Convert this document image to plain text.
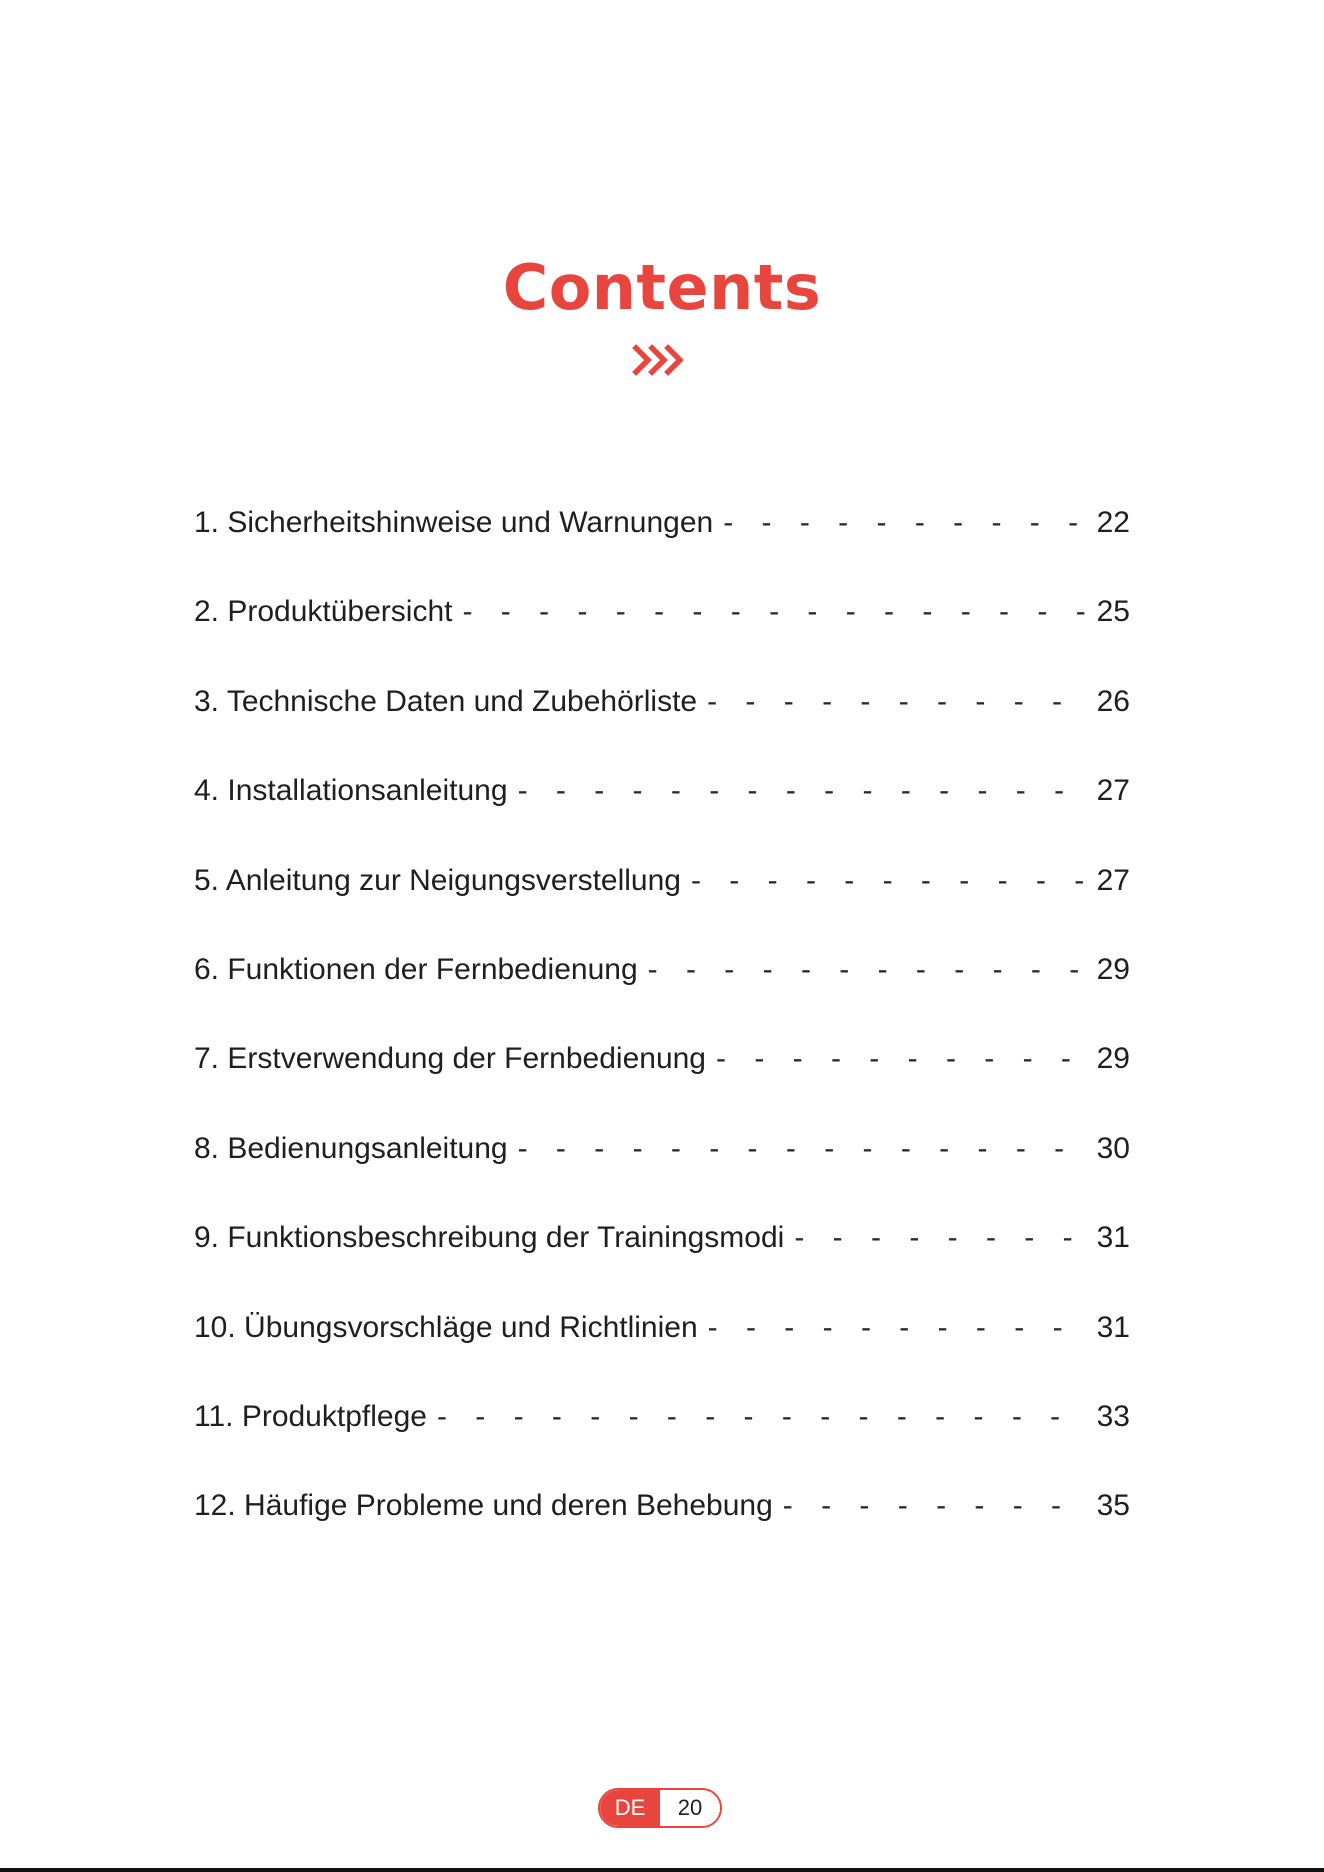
Contents
1. Sicherheitshinweise und Warnungen - - -	22
2. Produktübersicht - - -	25
3. Technische Daten und Zubehörliste - - -	26
4. Installationsanleitung - - -	27
5. Anleitung zur Neigungsverstellung - - -	27
6. Funktionen der Fernbedienung - - -	29
7. Erstverwendung der Fernbedienung - - -	29
8. Bedienungsanleitung - - -	30
9. Funktionsbeschreibung der Trainingsmodi - - -	31
10. Übungsvorschläge und Richtlinien - - -	31
11. Produktpflege - - -	33
12. Häufige Probleme und deren Behebung - - -	35
DE	20
